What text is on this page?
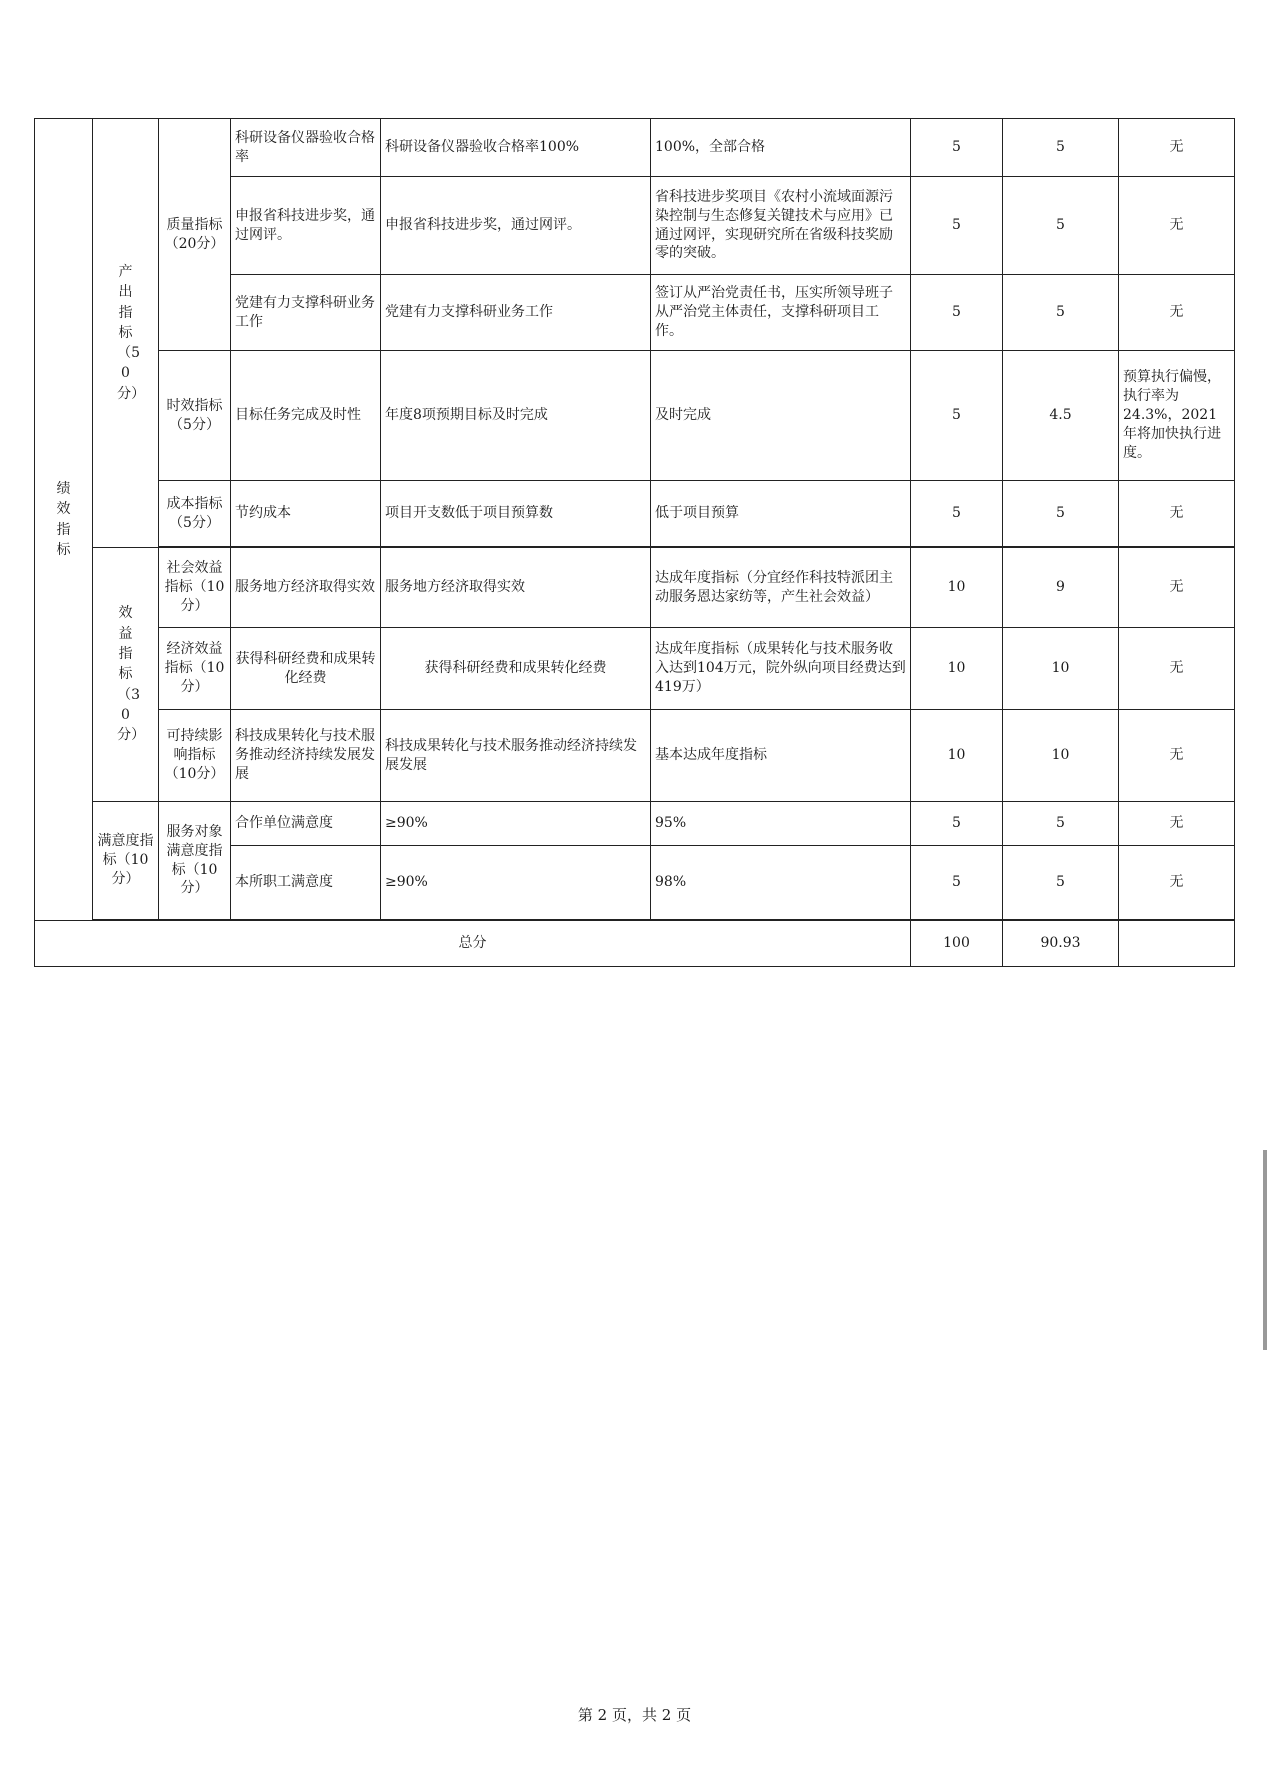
绩效指标	产出指标（50分）	质量指标（20分）	科研设备仪器验收合格率	科研设备仪器验收合格率100%	100%，全部合格	5	5	无
			申报省科技进步奖，通过网评。	申报省科技进步奖，通过网评。	省科技进步奖项目《农村小流域面源污染控制与生态修复关键技术与应用》已通过网评，实现研究所在省级科技奖励零的突破。	5	5	无
			党建有力支撑科研业务工作	党建有力支撑科研业务工作	签订从严治党责任书，压实所领导班子从严治党主体责任，支撑科研项目工作。	5	5	无
		时效指标（5分）	目标任务完成及时性	年度8项预期目标及时完成	及时完成	5	4.5	预算执行偏慢，执行率为24.3%，2021年将加快执行进度。
		成本指标（5分）	节约成本	项目开支数低于项目预算数	低于项目预算	5	5	无

	效益指标（30分）	社会效益指标（10分）	服务地方经济取得实效	服务地方经济取得实效	达成年度指标（分宜经作科技特派团主动服务恩达家纺等，产生社会效益）	10	9	无
		经济效益指标（10分）	获得科研经费和成果转化经费	获得科研经费和成果转化经费	达成年度指标（成果转化与技术服务收入达到104万元，院外纵向项目经费达到419万）	10	10	无
		可持续影响指标（10分）	科技成果转化与技术服务推动经济持续发展发展	科技成果转化与技术服务推动经济持续发展发展	基本达成年度指标	10	10	无
	满意度指标（10分）	服务对象满意度指标（10分）	合作单位满意度	≥90%	95%	5	5	无
			本所职工满意度	≥90%	98%	5	5	无

总分						100	90.93	
第 2 页，共 2 页
